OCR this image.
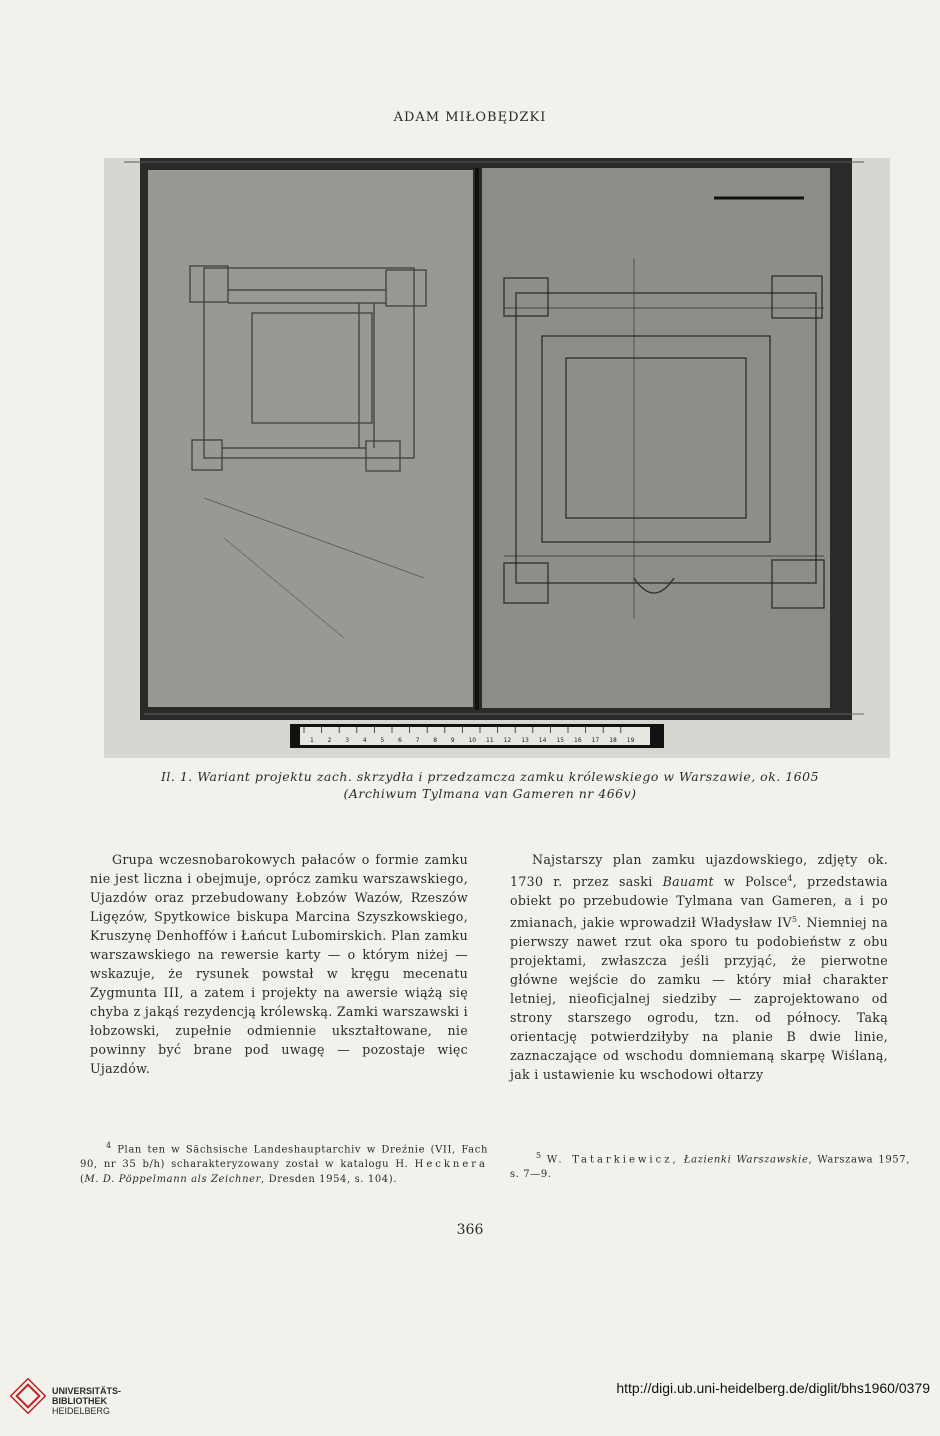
ADAM MIŁOBĘDZKI
1 2 3 4 5 6 7 8 9 10 11 12 13 14 15 16 17 18 19
Il. 1. Wariant projektu zach. skrzydła i przedzamcza zamku królewskiego w Warszawie, ok. 1605
(Archiwum Tylmana van Gameren nr 466v)

Grupa wczesnobarokowych pałaców o formie zamku nie jest liczna i obejmuje, oprócz zamku warszawskiego, Ujazdów oraz przebudowany Łobzów Wazów, Rzeszów Ligęzów, Spytkowice biskupa Marcina Szyszkowskiego, Kruszynę Denhoffów i Łańcut Lubomirskich. Plan zamku warszawskiego na rewersie karty — o którym niżej — wskazuje, że rysunek powstał w kręgu mecenatu Zygmunta III, a zatem i projekty na awersie wiążą się chyba z jakąś rezydencją królewską. Zamki warszawski i łobzowski, zupełnie odmiennie ukształtowane, nie powinny być brane pod uwagę — pozostaje więc Ujazdów.

Najstarszy plan zamku ujazdowskiego, zdjęty ok. 1730 r. przez saski Bauamt w Polsce$^4$, przedstawia obiekt po przebudowie Tylmana van Gameren, a i po zmianach, jakie wprowadził Władysław $IV^5$. Niemniej na pierwszy nawet rzut oka sporo tu podobieństw z obu projektami, zwłaszcza jeśli przyjąć, że pierwotne główne wejście do zamku — który miał charakter letniej, nieoficjalnej siedziby — zaprojektowano od strony starszego ogrodu, tzn. od północy. Taką orientację potwierdziłyby na planie B dwie linie, zaznaczające od wschodu domniemaną skarpę Wiślaną, jak i ustawienie ku wschodowi ołtarzy

$^4$ Plan ten w Sächsische Landeshauptarchiv w Dreźnie (VII, Fach 90, nr 35 b/h) scharakteryzowany został w katalogu H. Hecknera (M. D. Pöppelmann als Zeichner, Dresden 1954, s. 104).

$^5$ W. Tatarkiewicz, Łazienki Warszawskie, Warszawa 1957, s. 7—9.

366
UNIVERSITÄTS-
BIBLIOTHEK
HEIDELBERG
http://digi.ub.uni-heidelberg.de/diglit/bhs1960/0379
